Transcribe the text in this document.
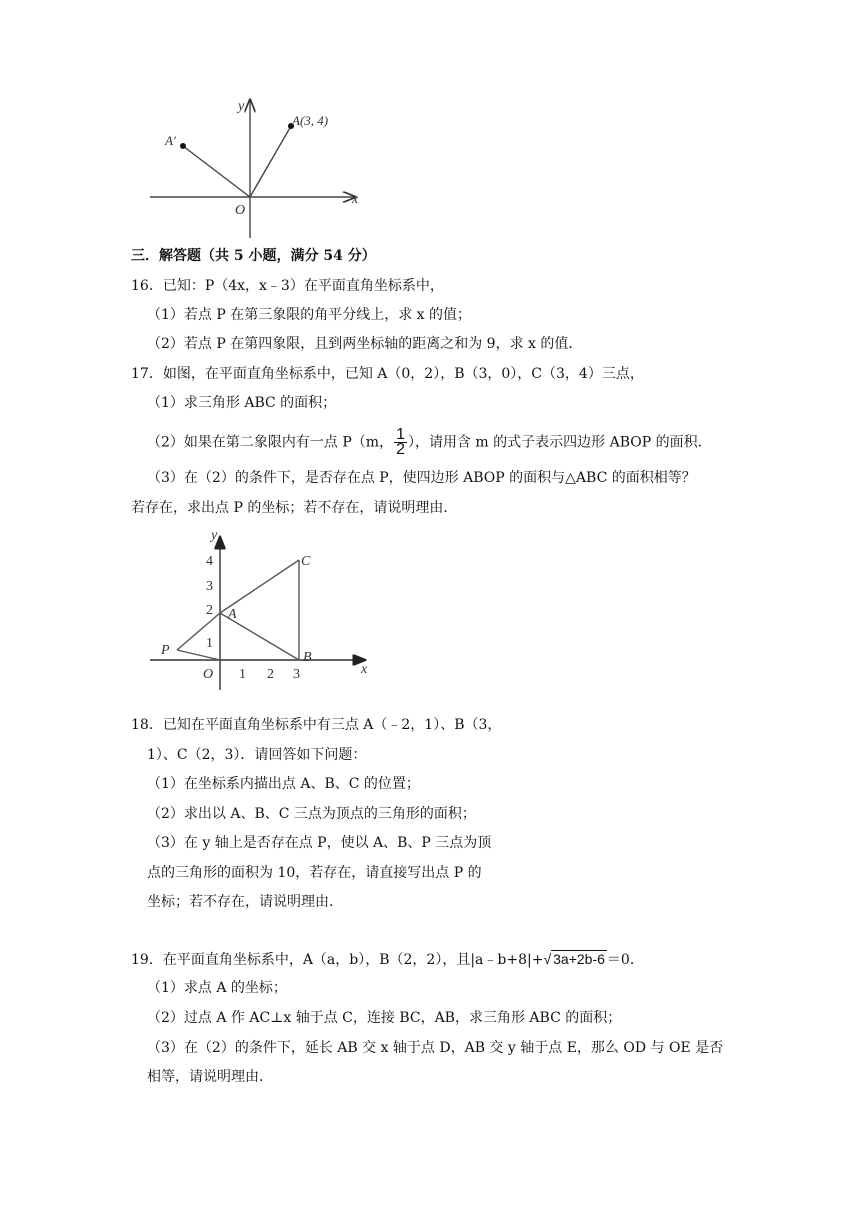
y
x
O
A(3, 4)
A′
三．解答题（共 5 小题，满分 54 分）
16．已知：P（4x，x﹣3）在平面直角坐标系中，
（1）若点 P 在第三象限的角平分线上，求 x 的值；
（2）若点 P 在第四象限，且到两坐标轴的距离之和为 9，求 x 的值．
17．如图，在平面直角坐标系中，已知 A（0，2），B（3，0），C（3，4）三点，
（1）求三角形 ABC 的面积；
（2）如果在第二象限内有一点 P（m， $\frac{1}{2}$ ），请用含 m 的式子表示四边形 ABOP 的面积．
（3）在（2）的条件下，是否存在点 P，使四边形 ABOP 的面积与△ABC 的面积相等？
若存在，求出点 P 的坐标；若不存在，请说明理由．
y
x
O 1 2 3
1
2
3
4
A
B
C
P
18．已知在平面直角坐标系中有三点 A（﹣2，1）、B（3，
1）、C（2，3）．请回答如下问题：
（1）在坐标系内描出点 A、B、C 的位置；
（2）求出以 A、B、C 三点为顶点的三角形的面积；
（3）在 y 轴上是否存在点 P，使以 A、B、P 三点为顶
点的三角形的面积为 10，若存在，请直接写出点 P 的
坐标；若不存在，请说明理由．
19．在平面直角坐标系中，A（a，b），B（2，2），且|a﹣b+8|+√ 3a+2b-6 ＝0．
（1）求点 A 的坐标；
（2）过点 A 作 AC⊥x 轴于点 C，连接 BC，AB，求三角形 ABC 的面积；
（3）在（2）的条件下，延长 AB 交 x 轴于点 D，AB 交 y 轴于点 E，那么 OD 与 OE 是否
相等，请说明理由．
